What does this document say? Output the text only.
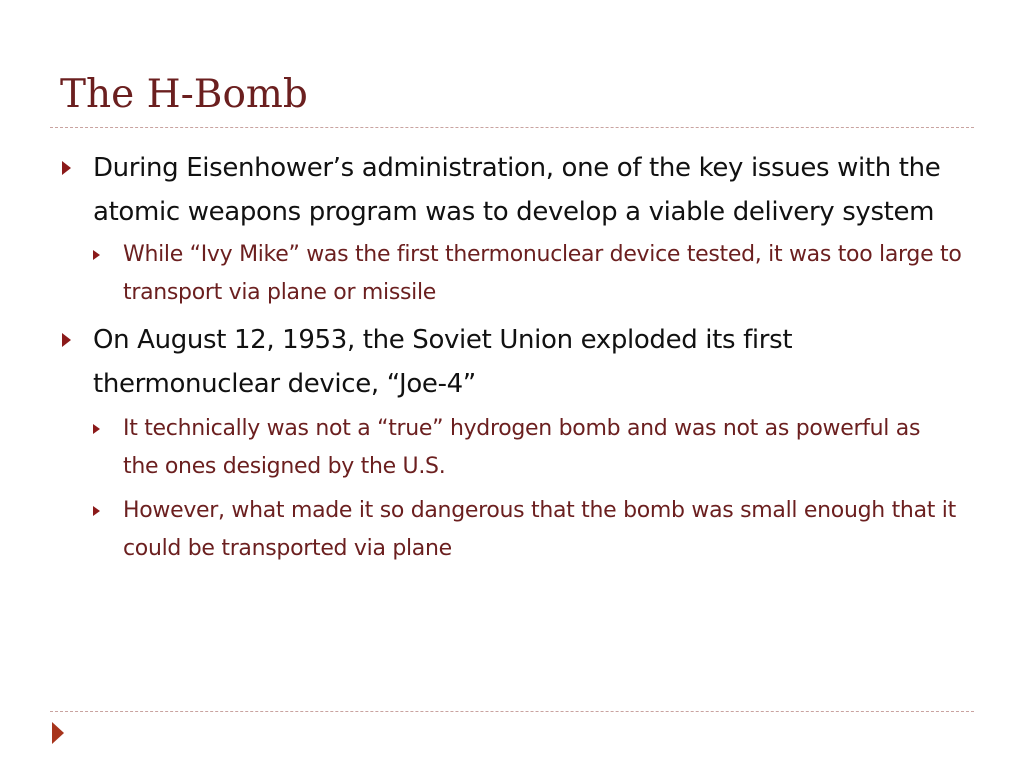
The H-Bomb
During Eisenhower’s administration, one of the key issues with the atomic weapons program was to develop a viable delivery system
While “Ivy Mike” was the first thermonuclear device tested, it was too large to transport via plane or missile
On August 12, 1953, the Soviet Union exploded its first thermonuclear device, “Joe-4”
It technically was not a “true” hydrogen bomb and was not as powerful as the ones designed by the U.S.
However, what made it so dangerous that the bomb was small enough that it could be transported via plane
